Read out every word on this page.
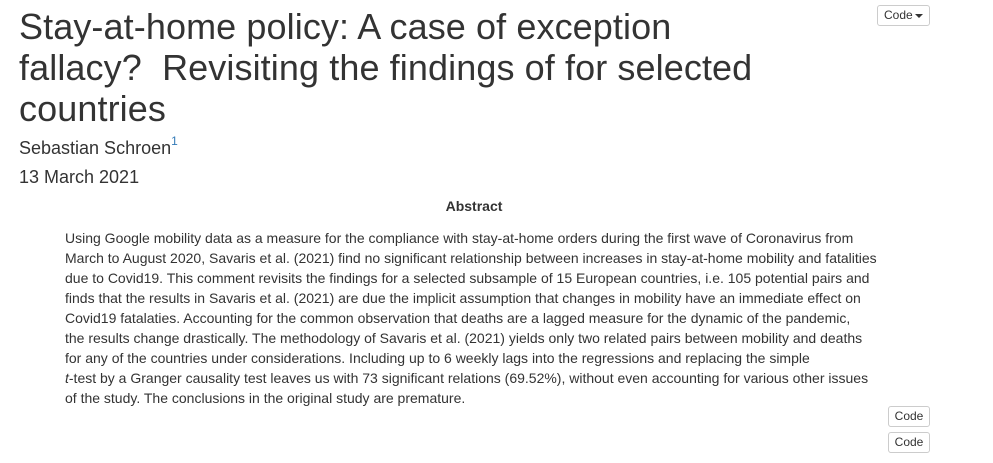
Code
Stay-at-home policy: A case of exception
fallacy?  Revisiting the findings of for selected
countries
Sebastian Schroen$^1$
13 March 2021
Abstract

Using Google mobility data as a measure for the compliance with stay-at-home orders during the first wave of Coronavirus from
March to August 2020, Savaris et al. (2021) find no significant relationship between increases in stay-at-home mobility and fatalities
due to Covid19. This comment revisits the findings for a selected subsample of 15 European countries, i.e. 105 potential pairs and
finds that the results in Savaris et al. (2021) are due the implicit assumption that changes in mobility have an immediate effect on
Covid19 fatalaties. Accounting for the common observation that deaths are a lagged measure for the dynamic of the pandemic,
the results change drastically. The methodology of Savaris et al. (2021) yields only two related pairs between mobility and deaths
for any of the countries under considerations. Including up to 6 weekly lags into the regressions and replacing the simple
t-test by a Granger causality test leaves us with 73 significant relations (69.52%), without even accounting for various other issues
of the study. The conclusions in the original study are premature.

Code
Code
